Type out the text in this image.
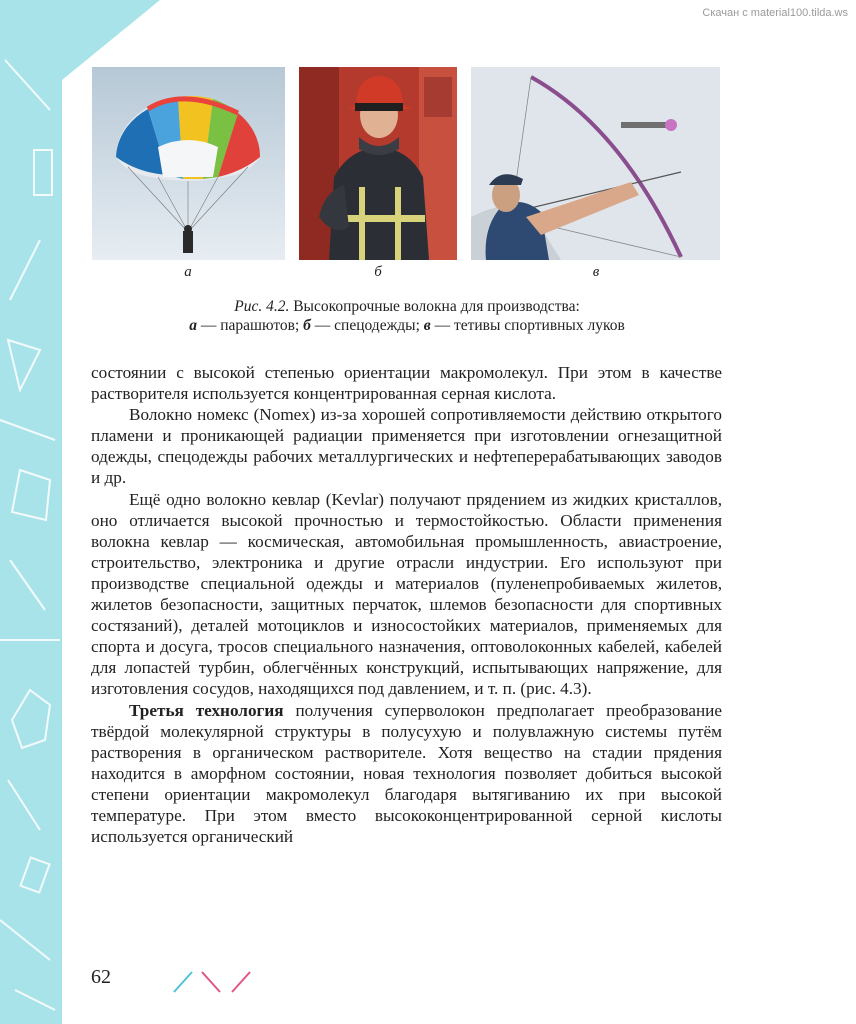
Скачан с material100.tilda.ws
а	б	в
Рис. 4.2. Высокопрочные волокна для производства:
а — парашютов; б — спецодежды; в — тетивы спортивных луков

состоянии с высокой степенью ориентации макромолекул. При этом в качестве растворителя используется концентрированная серная кислота.

Волокно номекс (Nomex) из-за хорошей сопротивляемости действию открытого пламени и проникающей радиации применяется при изготовлении огнезащитной одежды, спецодежды рабочих металлургических и нефтеперерабатывающих заводов и др.

Ещё одно волокно кевлар (Kevlar) получают прядением из жидких кристаллов, оно отличается высокой прочностью и термостойкостью. Области применения волокна кевлар — космическая, автомобильная промышленность, авиастроение, строительство, электроника и другие отрасли индустрии. Его используют при производстве специальной одежды и материалов (пуленепробиваемых жилетов, жилетов безопасности, защитных перчаток, шлемов безопасности для спортивных состязаний), деталей мотоциклов и износостойких материалов, применяемых для спорта и досуга, тросов специального назначения, оптоволоконных кабелей, кабелей для лопастей турбин, облегчённых конструкций, испытывающих напряжение, для изготовления сосудов, находящихся под давлением, и т. п. (рис. 4.3).

Третья технология получения суперволокон предполагает преобразование твёрдой молекулярной структуры в полусухую и полувлажную системы путём растворения в органическом растворителе. Хотя вещество на стадии прядения находится в аморфном состоянии, новая технология позволяет добиться высокой степени ориентации макромолекул благодаря вытягиванию их при высокой температуре. При этом вместо высококонцентрированной серной кислоты используется органический

62
